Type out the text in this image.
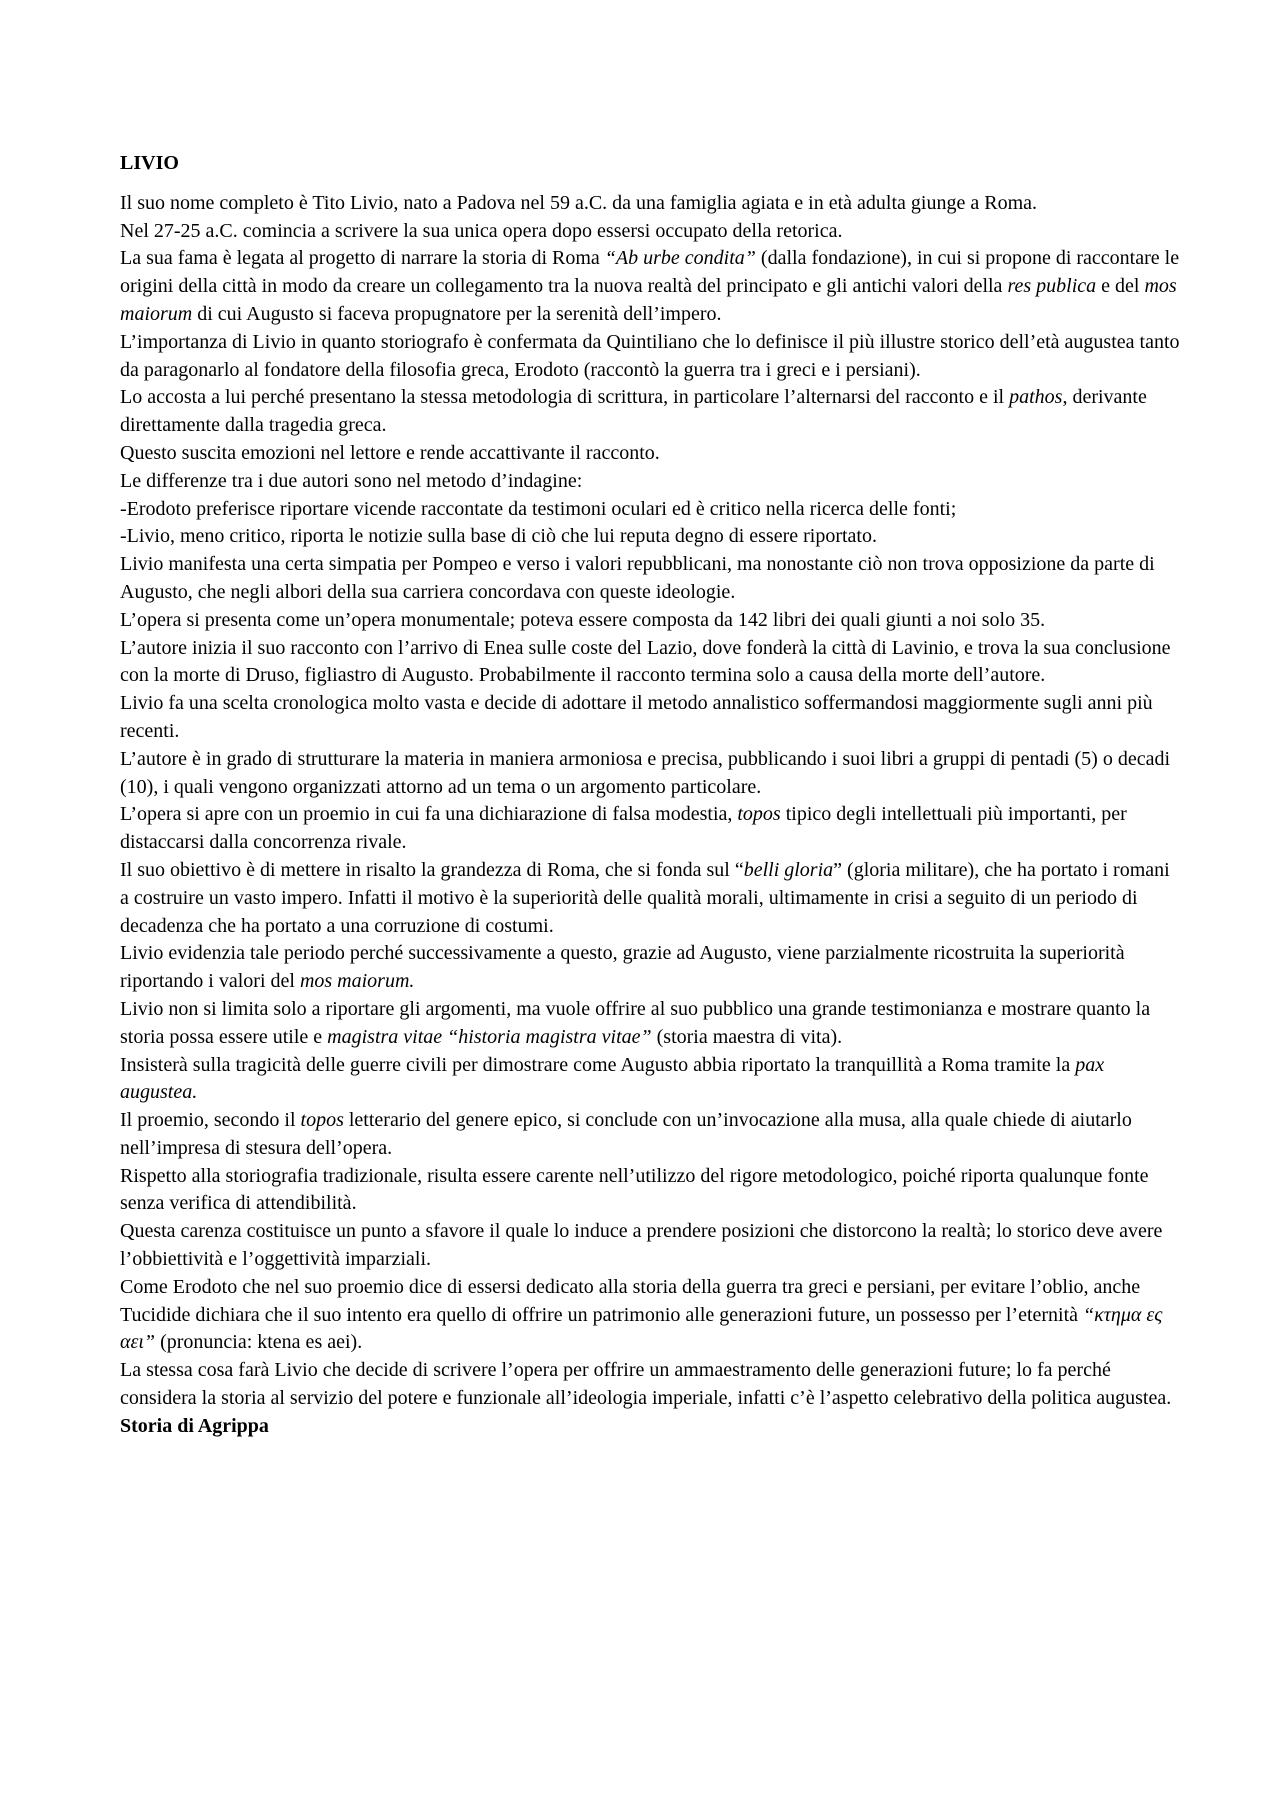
LIVIO

Il suo nome completo è Tito Livio, nato a Padova nel 59 a.C. da una famiglia agiata e in età adulta giunge a Roma.

Nel 27-25 a.C. comincia a scrivere la sua unica opera dopo essersi occupato della retorica.

La sua fama è legata al progetto di narrare la storia di Roma “Ab urbe condita” (dalla fondazione), in cui si propone di raccontare le origini della città in modo da creare un collegamento tra la nuova realtà del principato e gli antichi valori della res publica e del mos maiorum di cui Augusto si faceva propugnatore per la serenità dell’impero.

L’importanza di Livio in quanto storiografo è confermata da Quintiliano che lo definisce il più illustre storico dell’età augustea tanto da paragonarlo al fondatore della filosofia greca, Erodoto (raccontò la guerra tra i greci e i persiani).

Lo accosta a lui perché presentano la stessa metodologia di scrittura, in particolare l’alternarsi del racconto e il pathos, derivante direttamente dalla tragedia greca.

Questo suscita emozioni nel lettore e rende accattivante il racconto.

Le differenze tra i due autori sono nel metodo d’indagine:

-Erodoto preferisce riportare vicende raccontate da testimoni oculari ed è critico nella ricerca delle fonti;

-Livio, meno critico, riporta le notizie sulla base di ciò che lui reputa degno di essere riportato.

Livio manifesta una certa simpatia per Pompeo e verso i valori repubblicani, ma nonostante ciò non trova opposizione da parte di Augusto, che negli albori della sua carriera concordava con queste ideologie.

L’opera si presenta come un’opera monumentale; poteva essere composta da 142 libri dei quali giunti a noi solo 35.

L’autore inizia il suo racconto con l’arrivo di Enea sulle coste del Lazio, dove fonderà la città di Lavinio, e trova la sua conclusione con la morte di Druso, figliastro di Augusto. Probabilmente il racconto termina solo a causa della morte dell’autore.

Livio fa una scelta cronologica molto vasta e decide di adottare il metodo annalistico soffermandosi maggiormente sugli anni più recenti.

L’autore è in grado di strutturare la materia in maniera armoniosa e precisa, pubblicando i suoi libri a gruppi di pentadi (5) o decadi (10), i quali vengono organizzati attorno ad un tema o un argomento particolare.

L’opera si apre con un proemio in cui fa una dichiarazione di falsa modestia, topos tipico degli intellettuali più importanti, per distaccarsi dalla concorrenza rivale.

Il suo obiettivo è di mettere in risalto la grandezza di Roma, che si fonda sul “belli gloria” (gloria militare), che ha portato i romani a costruire un vasto impero. Infatti il motivo è la superiorità delle qualità morali, ultimamente in crisi a seguito di un periodo di decadenza che ha portato a una corruzione di costumi.

Livio evidenzia tale periodo perché successivamente a questo, grazie ad Augusto, viene parzialmente ricostruita la superiorità riportando i valori del mos maiorum.

Livio non si limita solo a riportare gli argomenti, ma vuole offrire al suo pubblico una grande testimonianza e mostrare quanto la storia possa essere utile e magistra vitae “historia magistra vitae” (storia maestra di vita).

Insisterà sulla tragicità delle guerre civili per dimostrare come Augusto abbia riportato la tranquillità a Roma tramite la pax augustea.

Il proemio, secondo il topos letterario del genere epico, si conclude con un’invocazione alla musa, alla quale chiede di aiutarlo nell’impresa di stesura dell’opera.

Rispetto alla storiografia tradizionale, risulta essere carente nell’utilizzo del rigore metodologico, poiché riporta qualunque fonte senza verifica di attendibilità.

Questa carenza costituisce un punto a sfavore il quale lo induce a prendere posizioni che distorcono la realtà; lo storico deve avere l’obbiettività e l’oggettività imparziali.

Come Erodoto che nel suo proemio dice di essersi dedicato alla storia della guerra tra greci e persiani, per evitare l’oblio, anche Tucidide dichiara che il suo intento era quello di offrire un patrimonio alle generazioni future, un possesso per l’eternità “κτημα ες αει” (pronuncia: ktena es aei).

La stessa cosa farà Livio che decide di scrivere l’opera per offrire un ammaestramento delle generazioni future; lo fa perché considera la storia al servizio del potere e funzionale all’ideologia imperiale, infatti c’è l’aspetto celebrativo della politica augustea.

Storia di Agrippa
